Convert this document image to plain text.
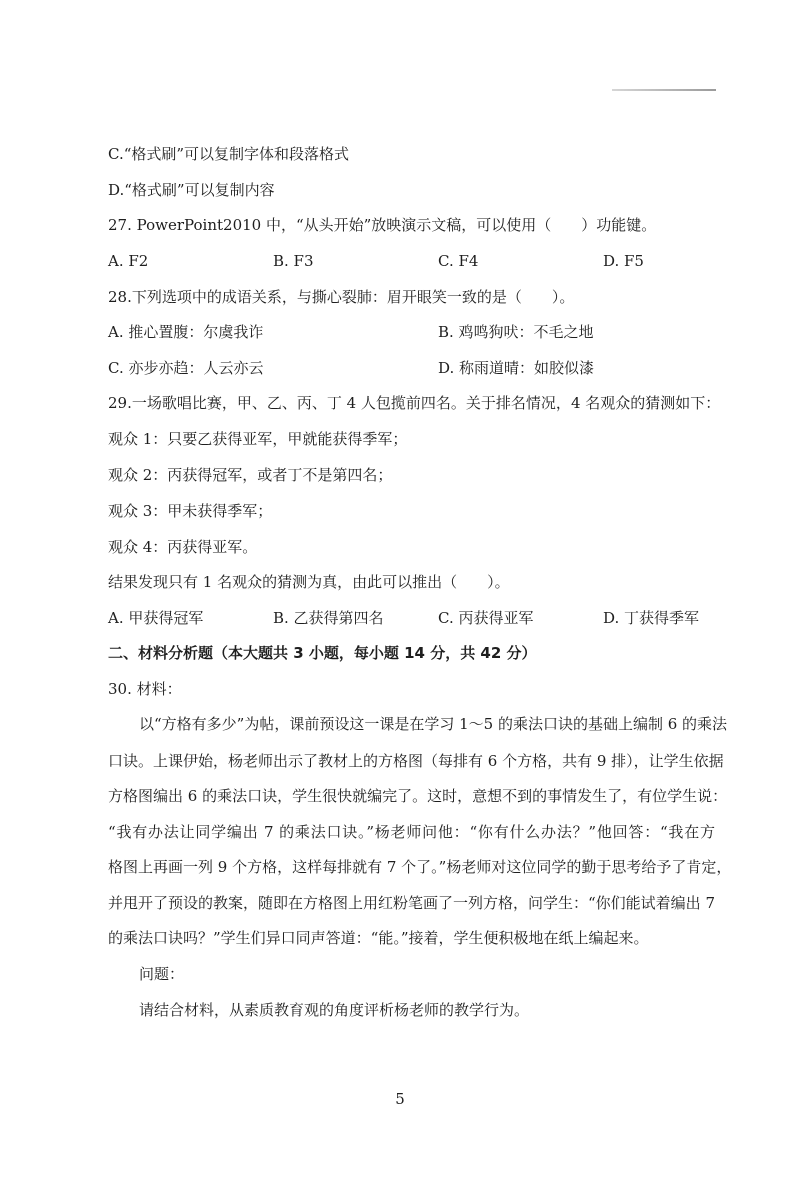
C.“格式刷”可以复制字体和段落格式
D.“格式刷”可以复制内容
27. PowerPoint2010 中，“从头开始”放映演示文稿，可以使用（　　）功能键。
A. F2	B. F3	C. F4	D. F5
28.下列选项中的成语关系，与撕心裂肺：眉开眼笑一致的是（　　）。
A. 推心置腹：尔虞我诈	B. 鸡鸣狗吠：不毛之地
C. 亦步亦趋：人云亦云	D. 称雨道晴：如胶似漆
29.一场歌唱比赛，甲、乙、丙、丁 4 人包揽前四名。关于排名情况，4 名观众的猜测如下：
观众 1：只要乙获得亚军，甲就能获得季军；
观众 2：丙获得冠军，或者丁不是第四名；
观众 3：甲未获得季军；
观众 4：丙获得亚军。
结果发现只有 1 名观众的猜测为真，由此可以推出（　　）。
A. 甲获得冠军	B. 乙获得第四名	C. 丙获得亚军	D. 丁获得季军
二、材料分析题（本大题共 3 小题，每小题 14 分，共 42 分）
30. 材料：
以“方格有多少”为帖，课前预设这一课是在学习 1～5 的乘法口诀的基础上编制 6 的乘法
口诀。上课伊始，杨老师出示了教材上的方格图（每排有 6 个方格，共有 9 排），让学生依据
方格图编出 6 的乘法口诀，学生很快就编完了。这时，意想不到的事情发生了，有位学生说：
“我有办法让同学编出 7 的乘法口诀。”杨老师问他：“你有什么办法？”他回答：“我在方
格图上再画一列 9 个方格，这样每排就有 7 个了。”杨老师对这位同学的勤于思考给予了肯定，
并甩开了预设的教案，随即在方格图上用红粉笔画了一列方格，问学生：“你们能试着编出 7
的乘法口诀吗？”学生们异口同声答道：“能。”接着，学生便积极地在纸上编起来。
问题：
请结合材料，从素质教育观的角度评析杨老师的教学行为。
5
